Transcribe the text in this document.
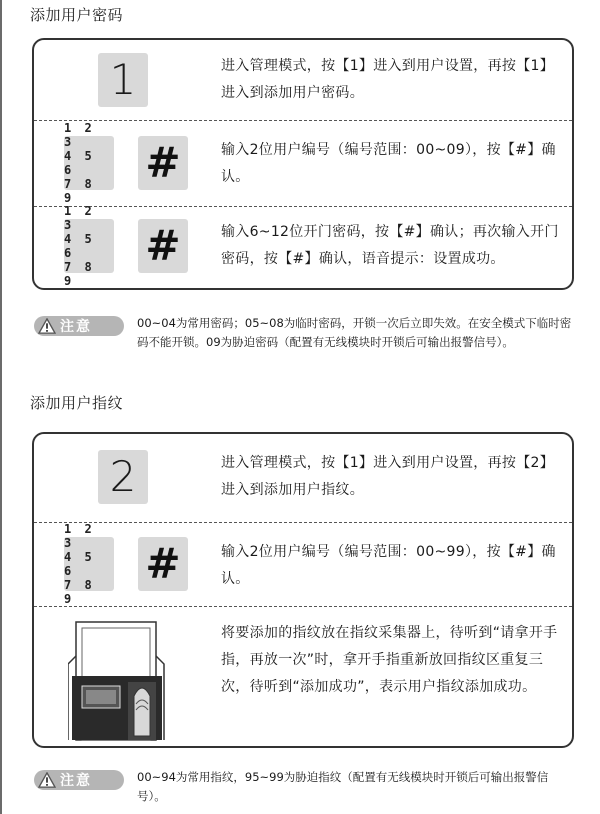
添加用户密码
1	进入管理模式，按【1】进入到用户设置，再按【1】进入到添加用户密码。
1 2 3
4 5 6
7 8 9
#	输入2位用户编号（编号范围：00~09），按【#】确认。
1 2 3
4 5 6
7 8 9
#	输入6~12位开门密码，按【#】确认；再次输入开门密码，按【#】确认，语音提示：设置成功。
注意	00~04为常用密码；05~08为临时密码，开锁一次后立即失效。在安全模式下临时密码不能开锁。09为胁迫密码（配置有无线模块时开锁后可输出报警信号）。
添加用户指纹
2	进入管理模式，按【1】进入到用户设置，再按【2】进入到添加用户指纹。
1 2 3
4 5 6
7 8 9
#	输入2位用户编号（编号范围：00~99），按【#】确认。
将要添加的指纹放在指纹采集器上，待听到“请拿开手指，再放一次”时，拿开手指重新放回指纹区重复三次，待听到“添加成功”，表示用户指纹添加成功。
注意	00~94为常用指纹，95~99为胁迫指纹（配置有无线模块时开锁后可输出报警信号）。
